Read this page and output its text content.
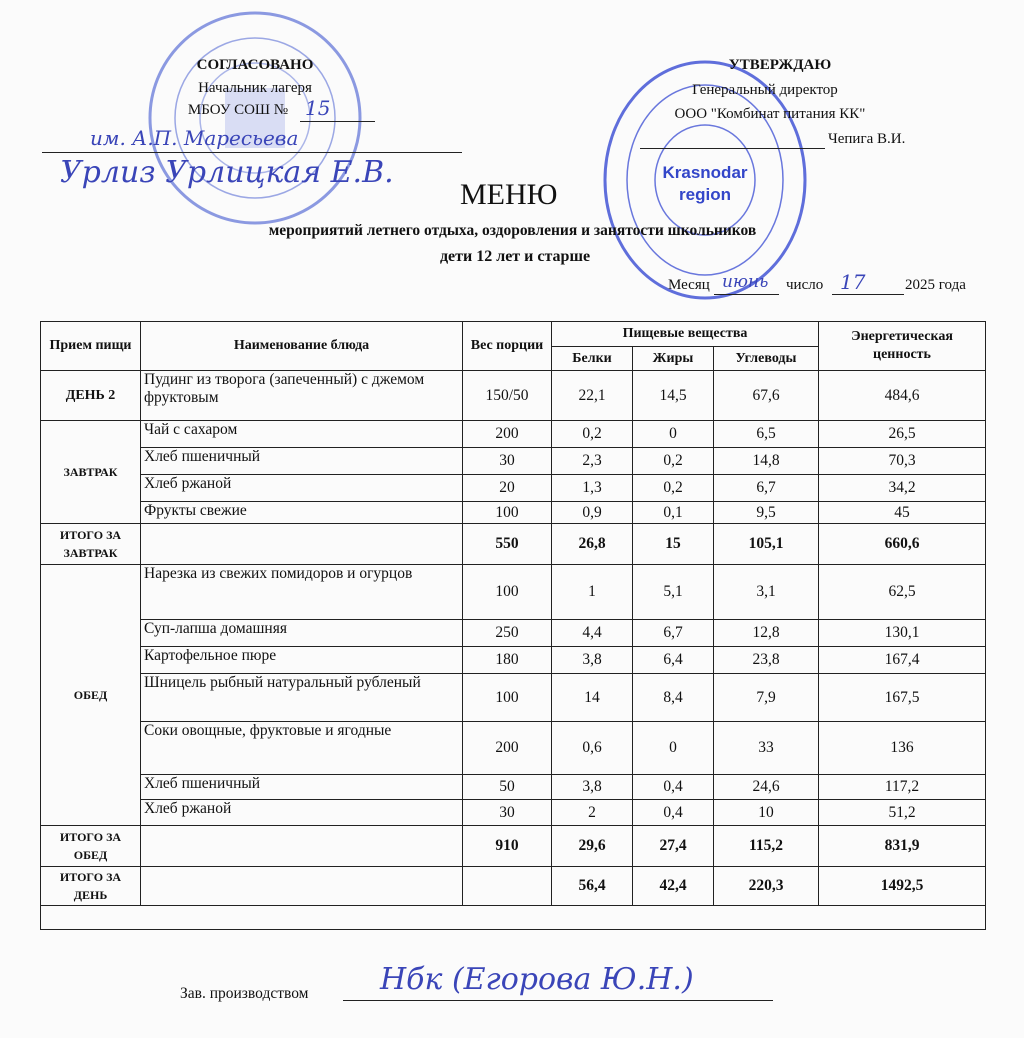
Krasnodar
region
СОГЛАСОВАНО
Начальник лагеря
МБОУ СОШ № 15
им. А.П. Маресьева
Урлиз Урлицкая Е.В.
УТВЕРЖДАЮ
Генеральный директор
ООО "Комбинат питания КК"
Чепига В.И.
МЕНЮ
мероприятий летнего отдыха, оздоровления и занятости школьников
дети 12 лет и старше
Месяц июнь число 17	2025 года
Прием пищи	Наименование блюда	Вес порции	Пищевые вещества			Энергетическая ценность
			Белки	Жиры	Углеводы	
ДЕНЬ 2	Пудинг из творога (запеченный) с джемом фруктовым	150/50	22,1	14,5	67,6	484,6
ЗАВТРАК	Чай с сахаром	200	0,2	0	6,5	26,5
	Хлеб пшеничный	30	2,3	0,2	14,8	70,3
	Хлеб ржаной	20	1,3	0,2	6,7	34,2
	Фрукты свежие	100	0,9	0,1	9,5	45
ИТОГО ЗА ЗАВТРАК		550	26,8	15	105,1	660,6
ОБЕД	Нарезка из свежих помидоров и огурцов	100	1	5,1	3,1	62,5
	Суп-лапша домашняя	250	4,4	6,7	12,8	130,1
	Картофельное пюре	180	3,8	6,4	23,8	167,4
	Шницель рыбный натуральный рубленый	100	14	8,4	7,9	167,5
	Соки овощные, фруктовые и ягодные	200	0,6	0	33	136
	Хлеб пшеничный	50	3,8	0,4	24,6	117,2
	Хлеб ржаной	30	2	0,4	10	51,2
ИТОГО ЗА ОБЕД		910	29,6	27,4	115,2	831,9
ИТОГО ЗА ДЕНЬ			56,4	42,4	220,3	1492,5

Зав. производством Нбк (Егорова Ю.Н.)
